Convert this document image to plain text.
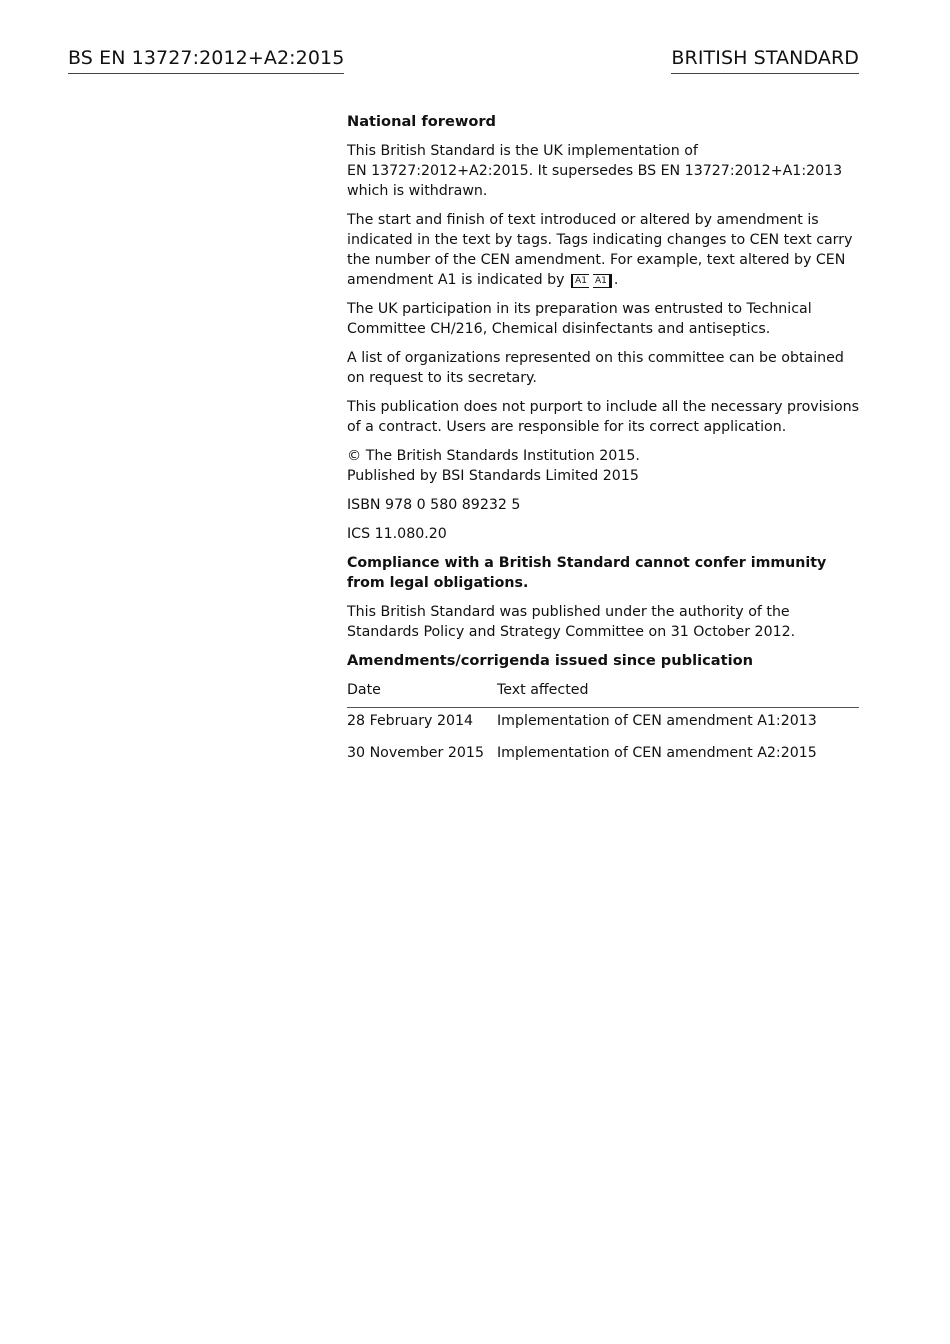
BS EN 13727:2012+A2:2015	BRITISH STANDARD
National foreword

This British Standard is the UK implementation of
EN 13727:2012+A2:2015. It supersedes BS EN 13727:2012+A1:2013 which is withdrawn.

The start and finish of text introduced or altered by amendment is indicated in the text by tags. Tags indicating changes to CEN text carry the number of the CEN amendment. For example, text altered by CEN amendment A1 is indicated by A1 A1 .

The UK participation in its preparation was entrusted to Technical Committee CH/216, Chemical disinfectants and antiseptics.

A list of organizations represented on this committee can be obtained on request to its secretary.

This publication does not purport to include all the necessary provisions of a contract. Users are responsible for its correct application.

© The British Standards Institution 2015.
Published by BSI Standards Limited 2015

ISBN 978 0 580 89232 5

ICS 11.080.20

Compliance with a British Standard cannot confer immunity from legal obligations.

This British Standard was published under the authority of the Standards Policy and Strategy Committee on 31 October 2012.

Amendments/corrigenda issued since publication
Date	Text affected
28 February 2014	Implementation of CEN amendment A1:2013
30 November 2015	Implementation of CEN amendment A2:2015
